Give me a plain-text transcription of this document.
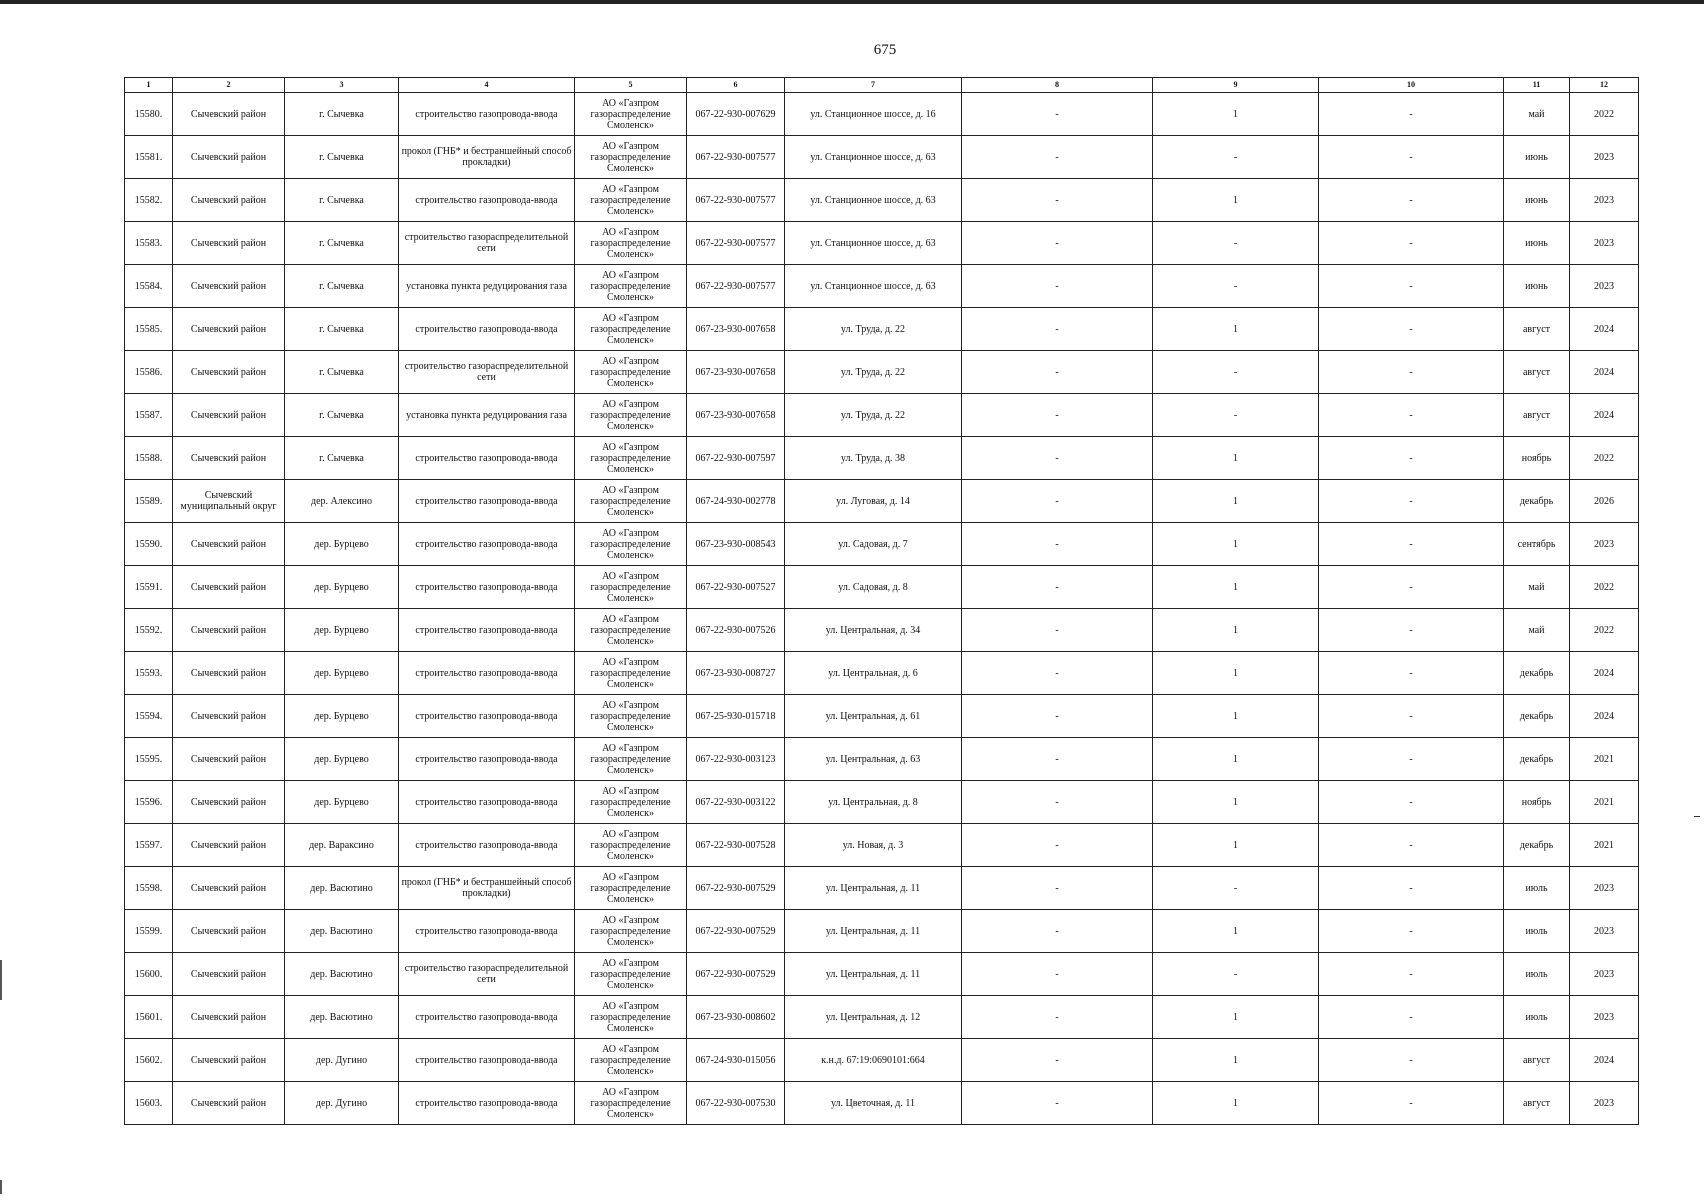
675
1	2	3	4	5	6	7	8	9	10	11	12
15580.	Сычевский район	г. Сычевка	строительство газопровода-ввода	АО «Газпром газораспределение Смоленск»	067-22-930-007629	ул. Станционное шоссе, д. 16	-	1	-	май	2022
15581.	Сычевский район	г. Сычевка	прокол (ГНБ* и бестраншейный способ прокладки)	АО «Газпром газораспределение Смоленск»	067-22-930-007577	ул. Станционное шоссе, д. 63	-	-	-	июнь	2023
15582.	Сычевский район	г. Сычевка	строительство газопровода-ввода	АО «Газпром газораспределение Смоленск»	067-22-930-007577	ул. Станционное шоссе, д. 63	-	1	-	июнь	2023
15583.	Сычевский район	г. Сычевка	строительство газораспределительной сети	АО «Газпром газораспределение Смоленск»	067-22-930-007577	ул. Станционное шоссе, д. 63	-	-	-	июнь	2023
15584.	Сычевский район	г. Сычевка	установка пункта редуцирования газа	АО «Газпром газораспределение Смоленск»	067-22-930-007577	ул. Станционное шоссе, д. 63	-	-	-	июнь	2023
15585.	Сычевский район	г. Сычевка	строительство газопровода-ввода	АО «Газпром газораспределение Смоленск»	067-23-930-007658	ул. Труда, д. 22	-	1	-	август	2024
15586.	Сычевский район	г. Сычевка	строительство газораспределительной сети	АО «Газпром газораспределение Смоленск»	067-23-930-007658	ул. Труда, д. 22	-	-	-	август	2024
15587.	Сычевский район	г. Сычевка	установка пункта редуцирования газа	АО «Газпром газораспределение Смоленск»	067-23-930-007658	ул. Труда, д. 22	-	-	-	август	2024
15588.	Сычевский район	г. Сычевка	строительство газопровода-ввода	АО «Газпром газораспределение Смоленск»	067-22-930-007597	ул. Труда, д. 38	-	1	-	ноябрь	2022
15589.	Сычевский муниципальный округ	дер. Алексино	строительство газопровода-ввода	АО «Газпром газораспределение Смоленск»	067-24-930-002778	ул. Луговая, д. 14	-	1	-	декабрь	2026
15590.	Сычевский район	дер. Бурцево	строительство газопровода-ввода	АО «Газпром газораспределение Смоленск»	067-23-930-008543	ул. Садовая, д. 7	-	1	-	сентябрь	2023
15591.	Сычевский район	дер. Бурцево	строительство газопровода-ввода	АО «Газпром газораспределение Смоленск»	067-22-930-007527	ул. Садовая, д. 8	-	1	-	май	2022
15592.	Сычевский район	дер. Бурцево	строительство газопровода-ввода	АО «Газпром газораспределение Смоленск»	067-22-930-007526	ул. Центральная, д. 34	-	1	-	май	2022
15593.	Сычевский район	дер. Бурцево	строительство газопровода-ввода	АО «Газпром газораспределение Смоленск»	067-23-930-008727	ул. Центральная, д. 6	-	1	-	декабрь	2024
15594.	Сычевский район	дер. Бурцево	строительство газопровода-ввода	АО «Газпром газораспределение Смоленск»	067-25-930-015718	ул. Центральная, д. 61	-	1	-	декабрь	2024
15595.	Сычевский район	дер. Бурцево	строительство газопровода-ввода	АО «Газпром газораспределение Смоленск»	067-22-930-003123	ул. Центральная, д. 63	-	1	-	декабрь	2021
15596.	Сычевский район	дер. Бурцево	строительство газопровода-ввода	АО «Газпром газораспределение Смоленск»	067-22-930-003122	ул. Центральная, д. 8	-	1	-	ноябрь	2021
15597.	Сычевский район	дер. Вараксино	строительство газопровода-ввода	АО «Газпром газораспределение Смоленск»	067-22-930-007528	ул. Новая, д. 3	-	1	-	декабрь	2021
15598.	Сычевский район	дер. Васютино	прокол (ГНБ* и бестраншейный способ прокладки)	АО «Газпром газораспределение Смоленск»	067-22-930-007529	ул. Центральная, д. 11	-	-	-	июль	2023
15599.	Сычевский район	дер. Васютино	строительство газопровода-ввода	АО «Газпром газораспределение Смоленск»	067-22-930-007529	ул. Центральная, д. 11	-	1	-	июль	2023
15600.	Сычевский район	дер. Васютино	строительство газораспределительной сети	АО «Газпром газораспределение Смоленск»	067-22-930-007529	ул. Центральная, д. 11	-	-	-	июль	2023
15601.	Сычевский район	дер. Васютино	строительство газопровода-ввода	АО «Газпром газораспределение Смоленск»	067-23-930-008602	ул. Центральная, д. 12	-	1	-	июль	2023
15602.	Сычевский район	дер. Дугино	строительство газопровода-ввода	АО «Газпром газораспределение Смоленск»	067-24-930-015056	к.н.д. 67:19:0690101:664	-	1	-	август	2024
15603.	Сычевский район	дер. Дугино	строительство газопровода-ввода	АО «Газпром газораспределение Смоленск»	067-22-930-007530	ул. Цветочная, д. 11	-	1	-	август	2023
